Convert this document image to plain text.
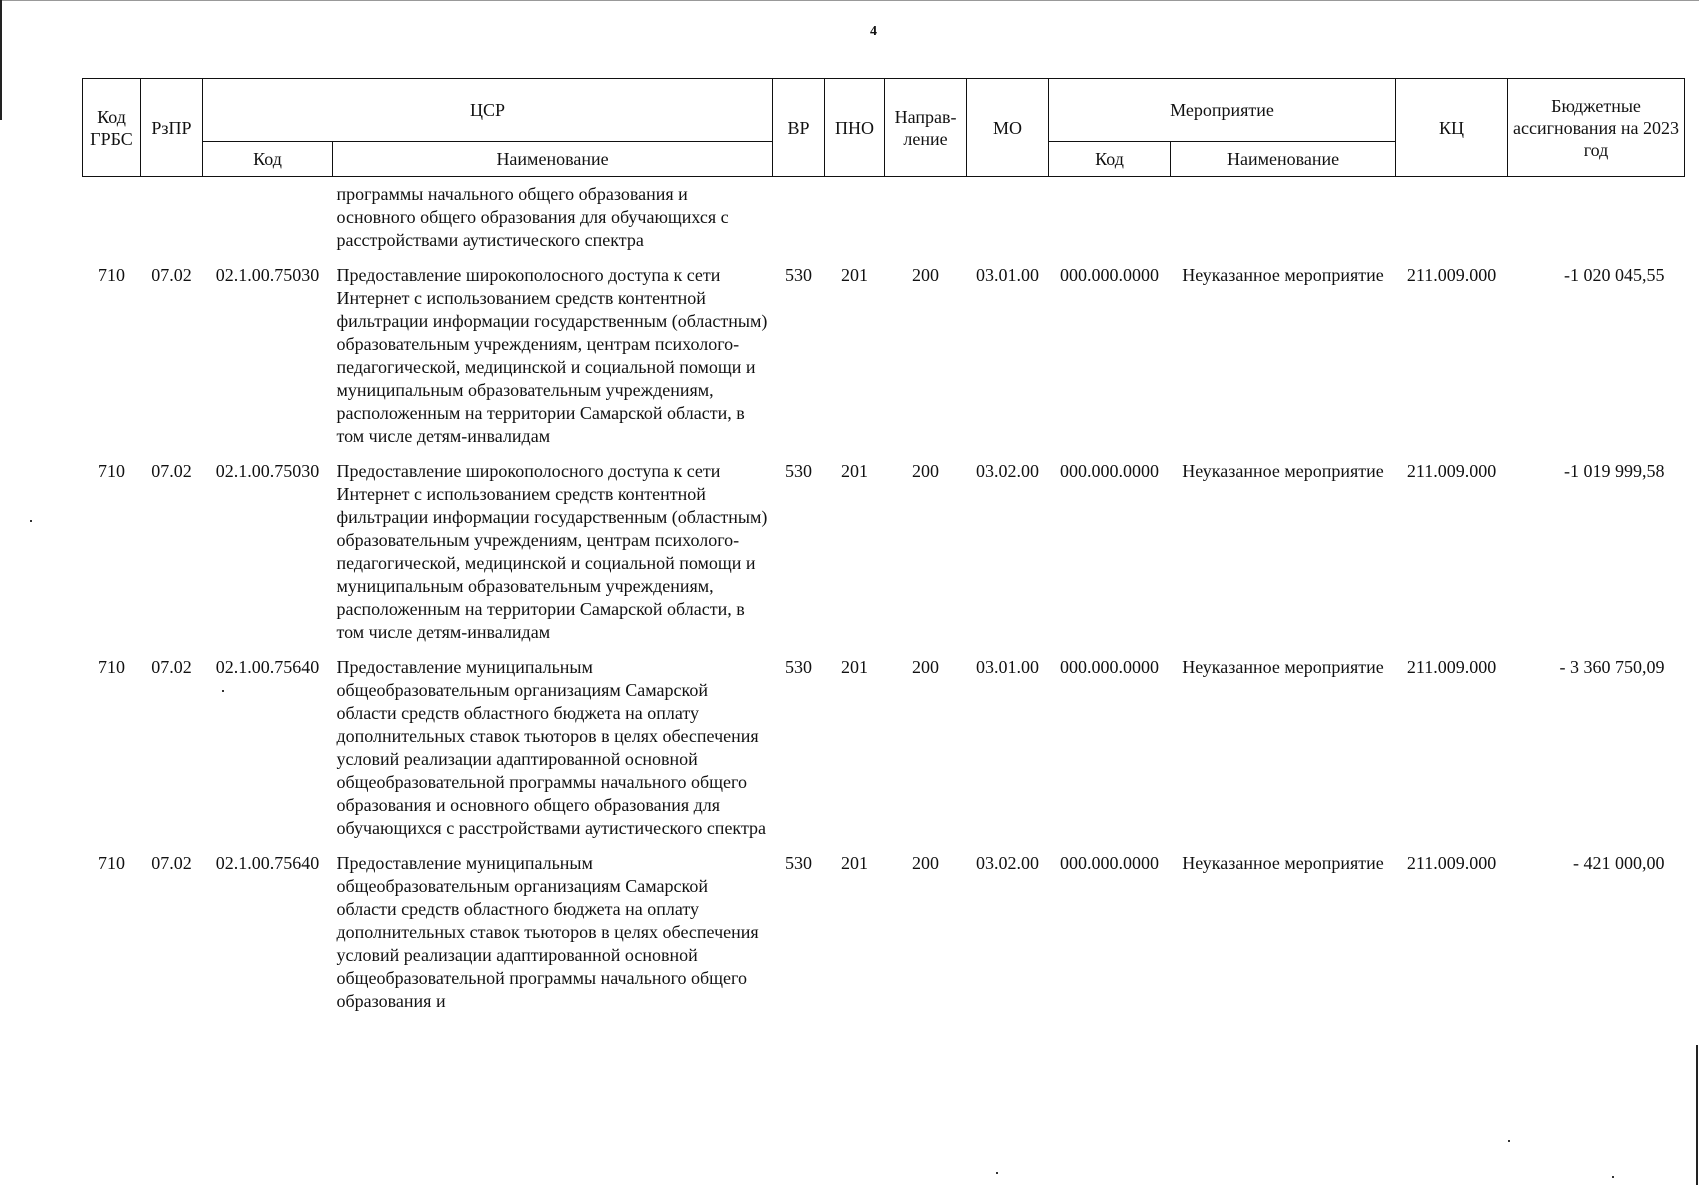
4
Код ГРБС	РзПР	ЦСР		ВР	ПНО	Направ-ление	МО	Мероприятие		КЦ	Бюджетные ассигнования на 2023 год
		Код	Наименование					Код	Наименование		
			программы начального общего образования и основного общего образования для обучающихся с расстройствами аутистического спектра								
710	07.02	02.1.00.75030	Предоставление широкополосного доступа к сети Интернет с использованием средств контентной фильтрации информации государственным (областным) образовательным учреждениям, центрам психолого-педагогической, медицинской и социальной помощи и муниципальным образовательным учреждениям, расположенным на территории Самарской области, в том числе детям-инвалидам	530	201	200	03.01.00	000.000.0000	Неуказанное мероприятие	211.009.000	-1 020 045,55
710	07.02	02.1.00.75030	Предоставление широкополосного доступа к сети Интернет с использованием средств контентной фильтрации информации государственным (областным) образовательным учреждениям, центрам психолого-педагогической, медицинской и социальной помощи и муниципальным образовательным учреждениям, расположенным на территории Самарской области, в том числе детям-инвалидам	530	201	200	03.02.00	000.000.0000	Неуказанное мероприятие	211.009.000	-1 019 999,58
710	07.02	02.1.00.75640	Предоставление муниципальным общеобразовательным организациям Самарской области средств областного бюджета на оплату дополнительных ставок тьюторов в целях обеспечения условий реализации адаптированной основной общеобразовательной программы начального общего образования и основного общего образования для обучающихся с расстройствами аутистического спектра	530	201	200	03.01.00	000.000.0000	Неуказанное мероприятие	211.009.000	- 3 360 750,09
710	07.02	02.1.00.75640	Предоставление муниципальным общеобразовательным организациям Самарской области средств областного бюджета на оплату дополнительных ставок тьюторов в целях обеспечения условий реализации адаптированной основной общеобразовательной программы начального общего образования и	530	201	200	03.02.00	000.000.0000	Неуказанное мероприятие	211.009.000	- 421 000,00
